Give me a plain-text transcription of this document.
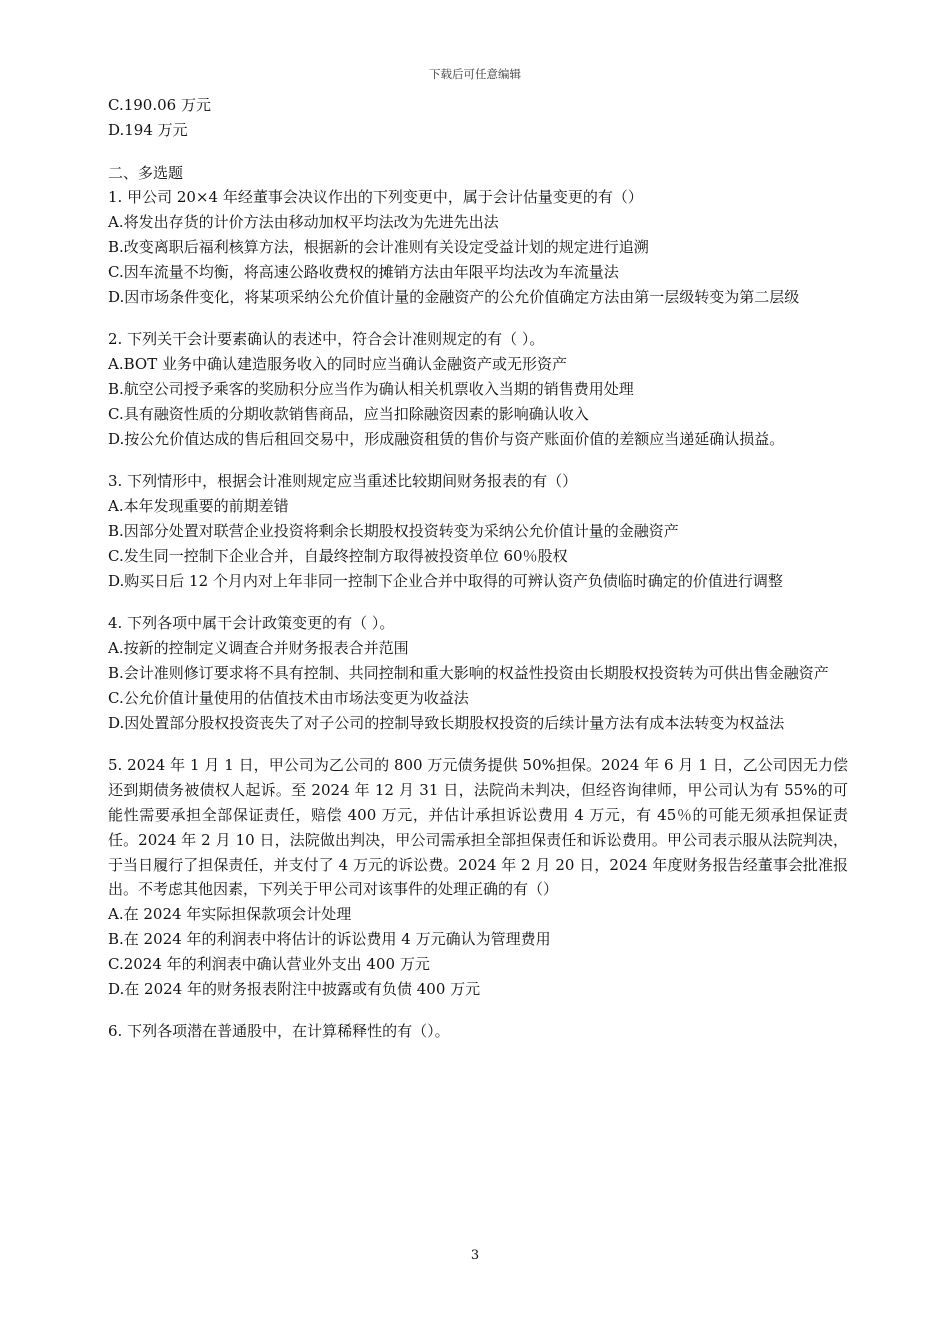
下载后可任意编辑
C.190.06 万元
D.194 万元
二、多选题
1. 甲公司 20×4 年经董事会决议作出的下列变更中，属于会计估量变更的有（）
A.将发出存货的计价方法由移动加权平均法改为先进先出法
B.改变离职后福利核算方法，根据新的会计准则有关设定受益计划的规定进行追溯
C.因车流量不均衡，将高速公路收费权的摊销方法由年限平均法改为车流量法
D.因市场条件变化，将某项采纳公允价值计量的金融资产的公允价值确定方法由第一层级转变为第二层级
2. 下列关干会计要素确认的表述中，符合会计准则规定的有（ ）。
A.BOT 业务中确认建造服务收入的同时应当确认金融资产或无形资产
B.航空公司授予乘客的奖励积分应当作为确认相关机票收入当期的销售费用处理
C.具有融资性质的分期收款销售商品，应当扣除融资因素的影响确认收入
D.按公允价值达成的售后租回交易中，形成融资租赁的售价与资产账面价值的差额应当递延确认损益。
3. 下列情形中，根据会计准则规定应当重述比较期间财务报表的有（）
A.本年发现重要的前期差错
B.因部分处置对联营企业投资将剩余长期股权投资转变为采纳公允价值计量的金融资产
C.发生同一控制下企业合并，自最终控制方取得被投资单位 60％股权
D.购买日后 12 个月内对上年非同一控制下企业合并中取得的可辨认资产负债临时确定的价值进行调整
4. 下列各项中属干会计政策变更的有（ ）。
A.按新的控制定义调查合并财务报表合并范围
B.会计准则修订要求将不具有控制、共同控制和重大影响的权益性投资由长期股权投资转为可供出售金融资产
C.公允价值计量使用的估值技术由市场法变更为收益法
D.因处置部分股权投资丧失了对子公司的控制导致长期股权投资的后续计量方法有成本法转变为权益法
5. 2024 年 1 月 1 日，甲公司为乙公司的 800 万元债务提供 50%担保。2024 年 6 月 1 日，乙公司因无力偿还到期债务被债权人起诉。至 2024 年 12 月 31 日，法院尚未判决，但经咨询律师，甲公司认为有 55%的可能性需要承担全部保证责任，赔偿 400 万元，并估计承担诉讼费用 4 万元，有 45％的可能无须承担保证责任。2024 年 2 月 10 日，法院做出判决，甲公司需承担全部担保责任和诉讼费用。甲公司表示服从法院判决，于当日履行了担保责任，并支付了 4 万元的诉讼费。2024 年 2 月 20 日，2024 年度财务报告经董事会批准报出。不考虑其他因素，下列关于甲公司对该事件的处理正确的有（）
A.在 2024 年实际担保款项会计处理
B.在 2024 年的利润表中将估计的诉讼费用 4 万元确认为管理费用
C.2024 年的利润表中确认营业外支出 400 万元
D.在 2024 年的财务报表附注中披露或有负债 400 万元
6. 下列各项潜在普通股中，在计算稀释性的有（）。
3
